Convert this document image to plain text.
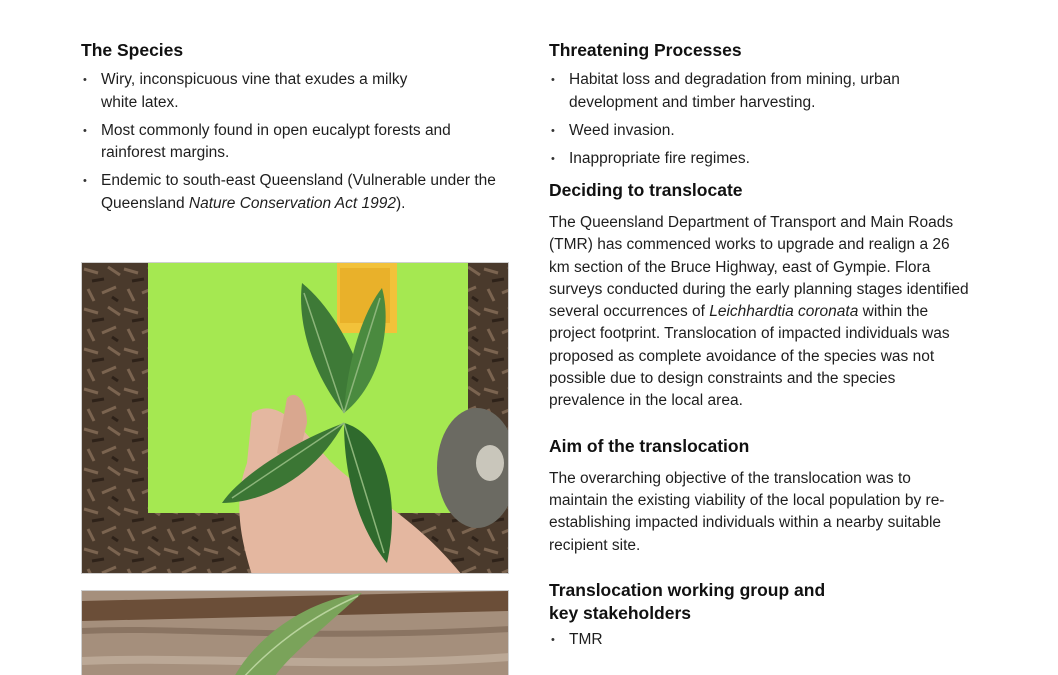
The Species
• Wiry, inconspicuous vine that exudes a milky white latex.
• Most commonly found in open eucalypt forests and rainforest margins.
• Endemic to south-east Queensland (Vulnerable under the Queensland Nature Conservation Act 1992).
Threatening Processes
• Habitat loss and degradation from mining, urban development and timber harvesting.
• Weed invasion.
• Inappropriate fire regimes.
Deciding to translocate

The Queensland Department of Transport and Main Roads (TMR) has commenced works to upgrade and realign a 26 km section of the Bruce Highway, east of Gympie. Flora surveys conducted during the early planning stages identified several occurrences of Leichhardtia coronata within the project footprint. Translocation of impacted individuals was proposed as complete avoidance of the species was not possible due to design constraints and the species prevalence in the local area.

Aim of the translocation

The overarching objective of the translocation was to maintain the existing viability of the local population by re-establishing impacted individuals within a nearby suitable recipient site.

Translocation working group and key stakeholders
• TMR
